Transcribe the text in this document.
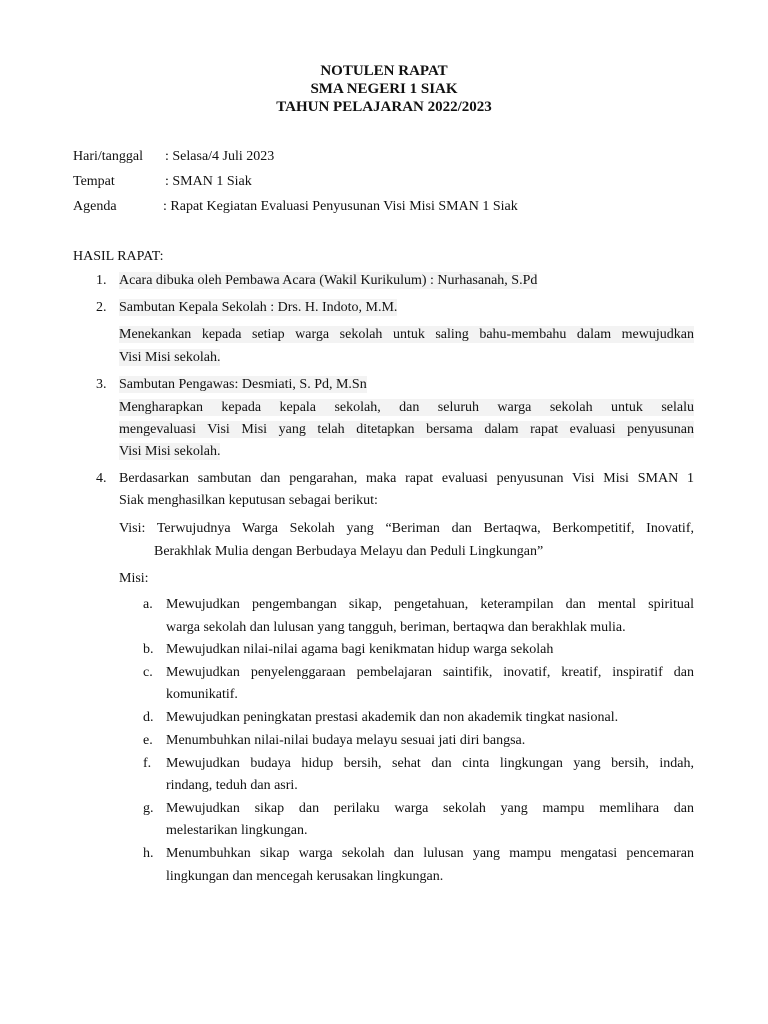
NOTULEN RAPAT
SMA NEGERI 1 SIAK
TAHUN PELAJARAN 2022/2023
Hari/tanggal : Selasa/4 Juli 2023
Tempat	: SMAN 1 Siak
Agenda	: Rapat Kegiatan Evaluasi Penyusunan Visi Misi SMAN 1 Siak
HASIL RAPAT:
1. Acara dibuka oleh Pembawa Acara (Wakil Kurikulum) : Nurhasanah, S.Pd
2. Sambutan Kepala Sekolah : Drs. H. Indoto, M.M.
Menekankan kepada setiap warga sekolah untuk saling bahu-membahu dalam mewujudkan
Visi Misi sekolah.
3. Sambutan Pengawas: Desmiati, S. Pd, M.Sn
Mengharapkan kepada kepala sekolah, dan seluruh warga sekolah untuk selalu
mengevaluasi Visi Misi yang telah ditetapkan bersama dalam rapat evaluasi penyusunan
Visi Misi sekolah.
4. Berdasarkan sambutan dan pengarahan, maka rapat evaluasi penyusunan Visi Misi SMAN 1
Siak menghasilkan keputusan sebagai berikut:
Visi: Terwujudnya Warga Sekolah yang “Beriman dan Bertaqwa, Berkompetitif, Inovatif,
Berakhlak Mulia dengan Berbudaya Melayu dan Peduli Lingkungan”
Misi:
a. Mewujudkan pengembangan sikap, pengetahuan, keterampilan dan mental spiritual
warga sekolah dan lulusan yang tangguh, beriman, bertaqwa dan berakhlak mulia.
b. Mewujudkan nilai-nilai agama bagi kenikmatan hidup warga sekolah
c. Mewujudkan penyelenggaraan pembelajaran saintifik, inovatif, kreatif, inspiratif dan
komunikatif.
d. Mewujudkan peningkatan prestasi akademik dan non akademik tingkat nasional.
e. Menumbuhkan nilai-nilai budaya melayu sesuai jati diri bangsa.
f. Mewujudkan budaya hidup bersih, sehat dan cinta lingkungan yang bersih, indah,
rindang, teduh dan asri.
g. Mewujudkan sikap dan perilaku warga sekolah yang mampu memlihara dan
melestarikan lingkungan.
h. Menumbuhkan sikap warga sekolah dan lulusan yang mampu mengatasi pencemaran
lingkungan dan mencegah kerusakan lingkungan.
